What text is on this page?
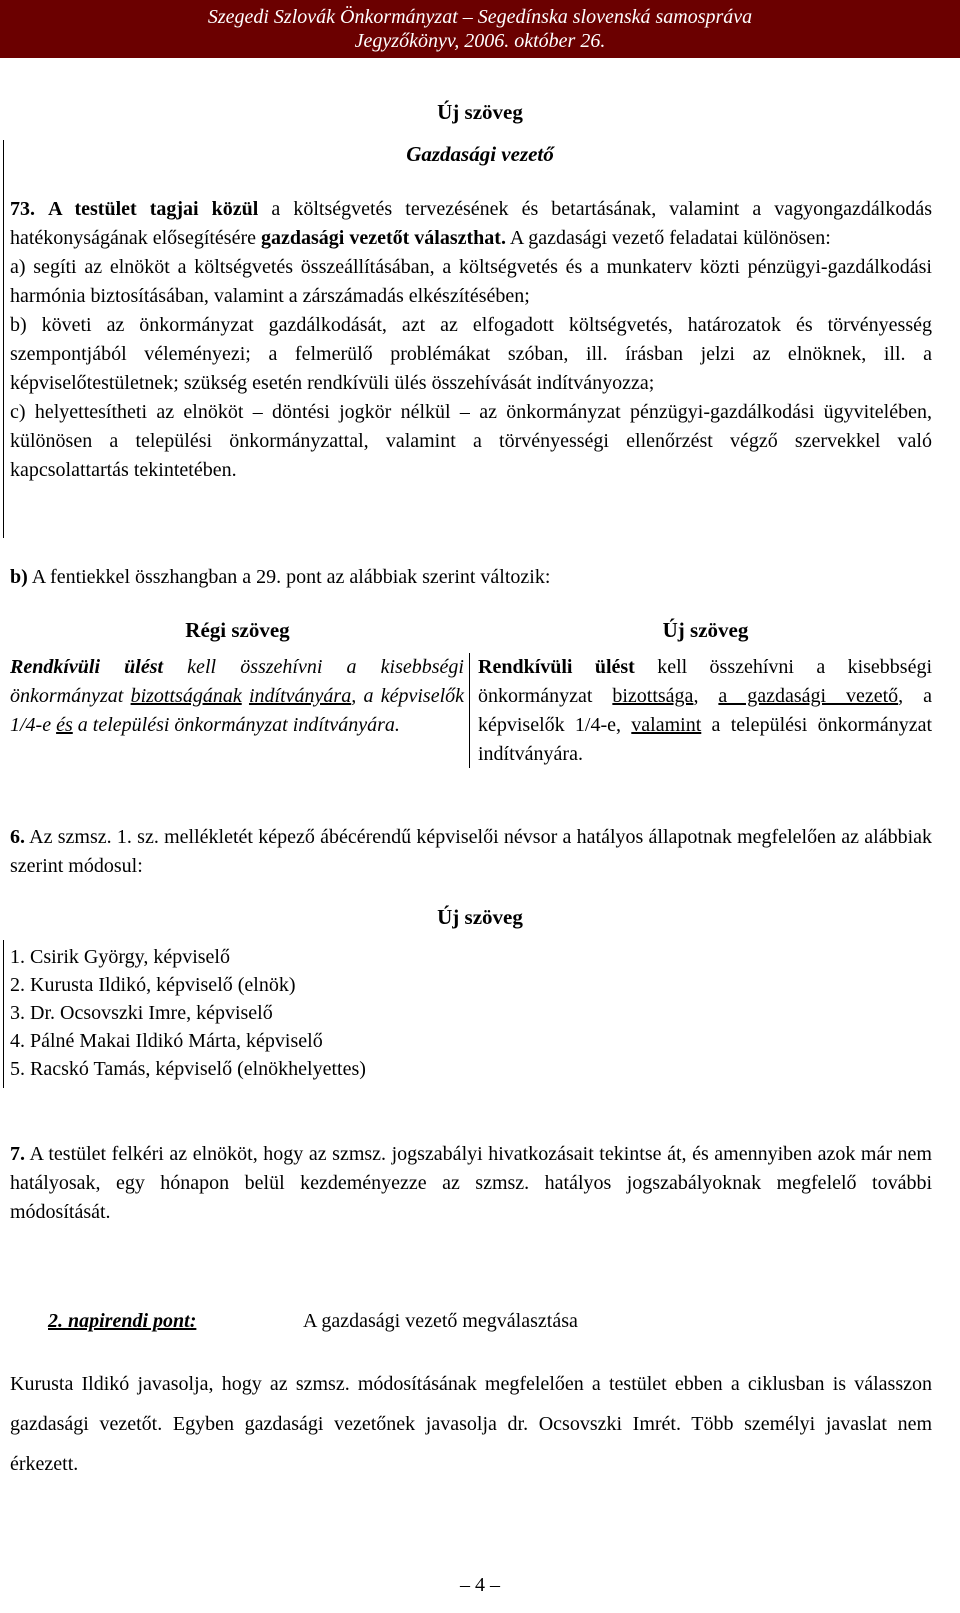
Szegedi Szlovák Önkormányzat – Segedínska slovenská samospráva
Jegyzőkönyv, 2006. október 26.
Új szöveg
Gazdasági vezető
73. A testület tagjai közül a költségvetés tervezésének és betartásának, valamint a vagyongazdálkodás hatékonyságának elősegítésére gazdasági vezetőt választhat. A gazdasági vezető feladatai különösen:
a) segíti az elnököt a költségvetés összeállításában, a költségvetés és a munkaterv közti pénzügyi-gazdálkodási harmónia biztosításában, valamint a zárszámadás elkészítésében;
b) követi az önkormányzat gazdálkodását, azt az elfogadott költségvetés, határozatok és törvényesség szempontjából véleményezi; a felmerülő problémákat szóban, ill. írásban jelzi az elnöknek, ill. a képviselőtestületnek; szükség esetén rendkívüli ülés összehívását indítványozza;
c) helyettesítheti az elnököt – döntési jogkör nélkül – az önkormányzat pénzügyi-gazdálkodási ügyvitelében, különösen a települési önkormányzattal, valamint a törvényességi ellenőrzést végző szervekkel való kapcsolattartás tekintetében.
b) A fentiekkel összhangban a 29. pont az alábbiak szerint változik:
Régi szöveg	Új szöveg
Rendkívüli ülést kell összehívni a kisebbségi önkormányzat bizottságának indítványára, a képviselők 1/4-e és a települési önkormányzat indítványára.
Rendkívüli ülést kell összehívni a kisebbségi önkormányzat bizottsága, a gazdasági vezető, a képviselők 1/4-e, valamint a települési önkormányzat indítványára.
6. Az szmsz. 1. sz. mellékletét képező ábécérendű képviselői névsor a hatályos állapotnak megfelelően az alábbiak szerint módosul:
Új szöveg
1. Csirik György, képviselő
2. Kurusta Ildikó, képviselő (elnök)
3. Dr. Ocsovszki Imre, képviselő
4. Pálné Makai Ildikó Márta, képviselő
5. Racskó Tamás, képviselő (elnökhelyettes)
7. A testület felkéri az elnököt, hogy az szmsz. jogszabályi hivatkozásait tekintse át, és amennyiben azok már nem hatályosak, egy hónapon belül kezdeményezze az szmsz. hatályos jogszabályoknak megfelelő további módosítását.
2. napirendi pont:	A gazdasági vezető megválasztása
Kurusta Ildikó javasolja, hogy az szmsz. módosításának megfelelően a testület ebben a ciklusban is válasszon gazdasági vezetőt. Egyben gazdasági vezetőnek javasolja dr. Ocsovszki Imrét. Több személyi javaslat nem érkezett.
– 4 –
